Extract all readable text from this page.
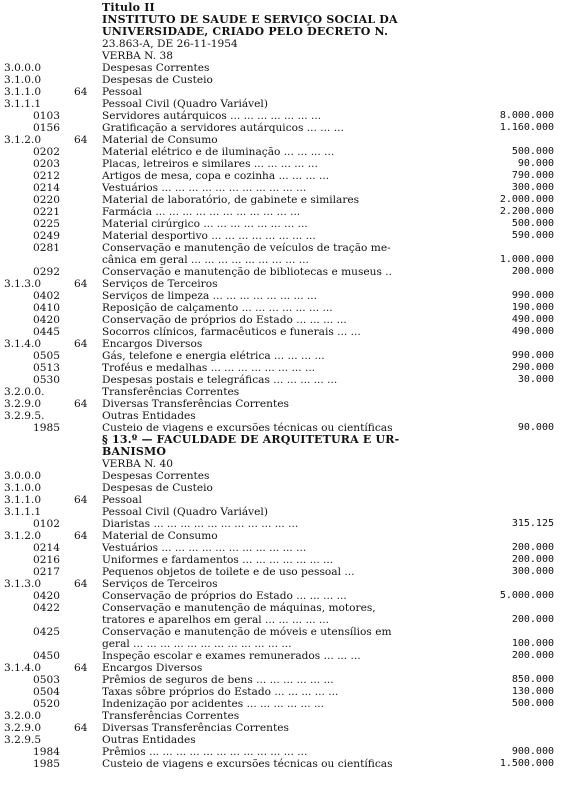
Titulo II
INSTITUTO DE SAÚDE E SERVIÇO SOCIAL DA
UNIVERSIDADE, CRIADO PELO DECRETO N.
23.863-A, DE 26-11-1954
VERBA N. 38
3.0.0.0	Despesas Correntes
3.1.0.0	Despesas de Custeio
3.1.1.0	64	Pessoal
3.1.1.1	Pessoal Civil (Quadro Variável)
0103	Servidores autárquicos ... ... ... ... ... ... ...	8.000.000
0156	Gratificação a servidores autárquicos ... ... ...	1.160.000
3.1.2.0	64	Material de Consumo
0202	Material elétrico e de iluminação ... ... ... ...	500.000
0203	Placas, letreiros e similares ... ... ... ... ...	90.000
0212	Artigos de mesa, copa e cozinha ... ... ... ...	790.000
0214	Vestuários ... ... ... ... ... ... ... ... ... ... ...	300.000
0220	Material de laboratório, de gabinete e similares	2.000.000
0221	Farmácia ... ... ... ... ... ... ... ... ... ... ...	2.200.000
0225	Material cirúrgico ... ... ... ... ... ... ... ...	500.000
0249	Material desportivo ... ... ... ... ... ... ... ...	590.000
0281	Conservação e manutenção de veículos de tração me-
cânica em geral ... ... ... ... ... ... ... ... ...	1.000.000
0292	Conservação e manutenção de bibliotecas e museus ..	200.000
3.1.3.0	64	Serviços de Terceiros
0402	Serviços de limpeza ... ... ... ... ... ... ... ...	990.000
0410	Reposição de calçamento ... ... ... ... ... ... ...	190.000
0420	Conservação de próprios do Estado ... ... ... ...	490.000
0445	Socorros clínicos, farmacêuticos e funerais ... ...	490.000
3.1.4.0	64	Encargos Diversos
0505	Gás, telefone e energia elétrica ... ... ... ...	990.000
0513	Troféus e medalhas ... ... ... ... ... ... ... ...	290.000
0530	Despesas postais e telegráficas ... ... ... ... ...	30.000
3.2.0.0.	Transferências Correntes
3.2.9.0	64	Diversas Transferências Correntes
3.2.9.5.	Outras Entidades
1985	Custeio de viagens e excursões técnicas ou científicas	90.000
§ 13.º — FACULDADE DE ARQUITETURA E UR-
BANISMO
VERBA N. 40
3.0.0.0	Despesas Correntes
3.1.0.0	Despesas de Custeio
3.1.1.0	64	Pessoal
3.1.1.1	Pessoal Civil (Quadro Variável)
0102	Diaristas ... ... ... ... ... ... ... ... ... ... ...	315.125
3.1.2.0	64	Material de Consumo
0214	Vestuários ... ... ... ... ... ... ... ... ... ... ...	200.000
0216	Uniformes e fardamentos ... ... ... ... ... ... ...	200.000
0217	Pequenos objetos de toilete e de uso pessoal ...	300.000
3.1.3.0	64	Serviços de Terceiros
0420	Conservação de próprios do Estado ... ... ... ...	5.000.000
0422	Conservação e manutenção de máquinas, motores,
tratores e aparelhos em geral ... ... ... ... ...	200.000
0425	Conservação e manutenção de móveis e utensílios em
geral ... ... ... ... ... ... ... ... ... ... ... ...	100.000
0450	Inspeção escolar e exames remunerados ... ... ...	200.000
3.1.4.0	64	Encargos Diversos
0503	Prêmios de seguros de bens ... ... ... ... ... ...	850.000
0504	Taxas sôbre próprios do Estado ... ... ... ... ...	130.000
0520	Indenização por acidentes ... ... ... ... ... ...	500.000
3.2.0.0	Transferências Correntes
3.2.9.0	64	Diversas Transferências Correntes
3.2.9.5	Outras Entidades
1984	Prêmios ... ... ... ... ... ... ... ... ... ... ... ...	900.000
1985	Custeio de viagens e excursões técnicas ou científicas	1.500.000
